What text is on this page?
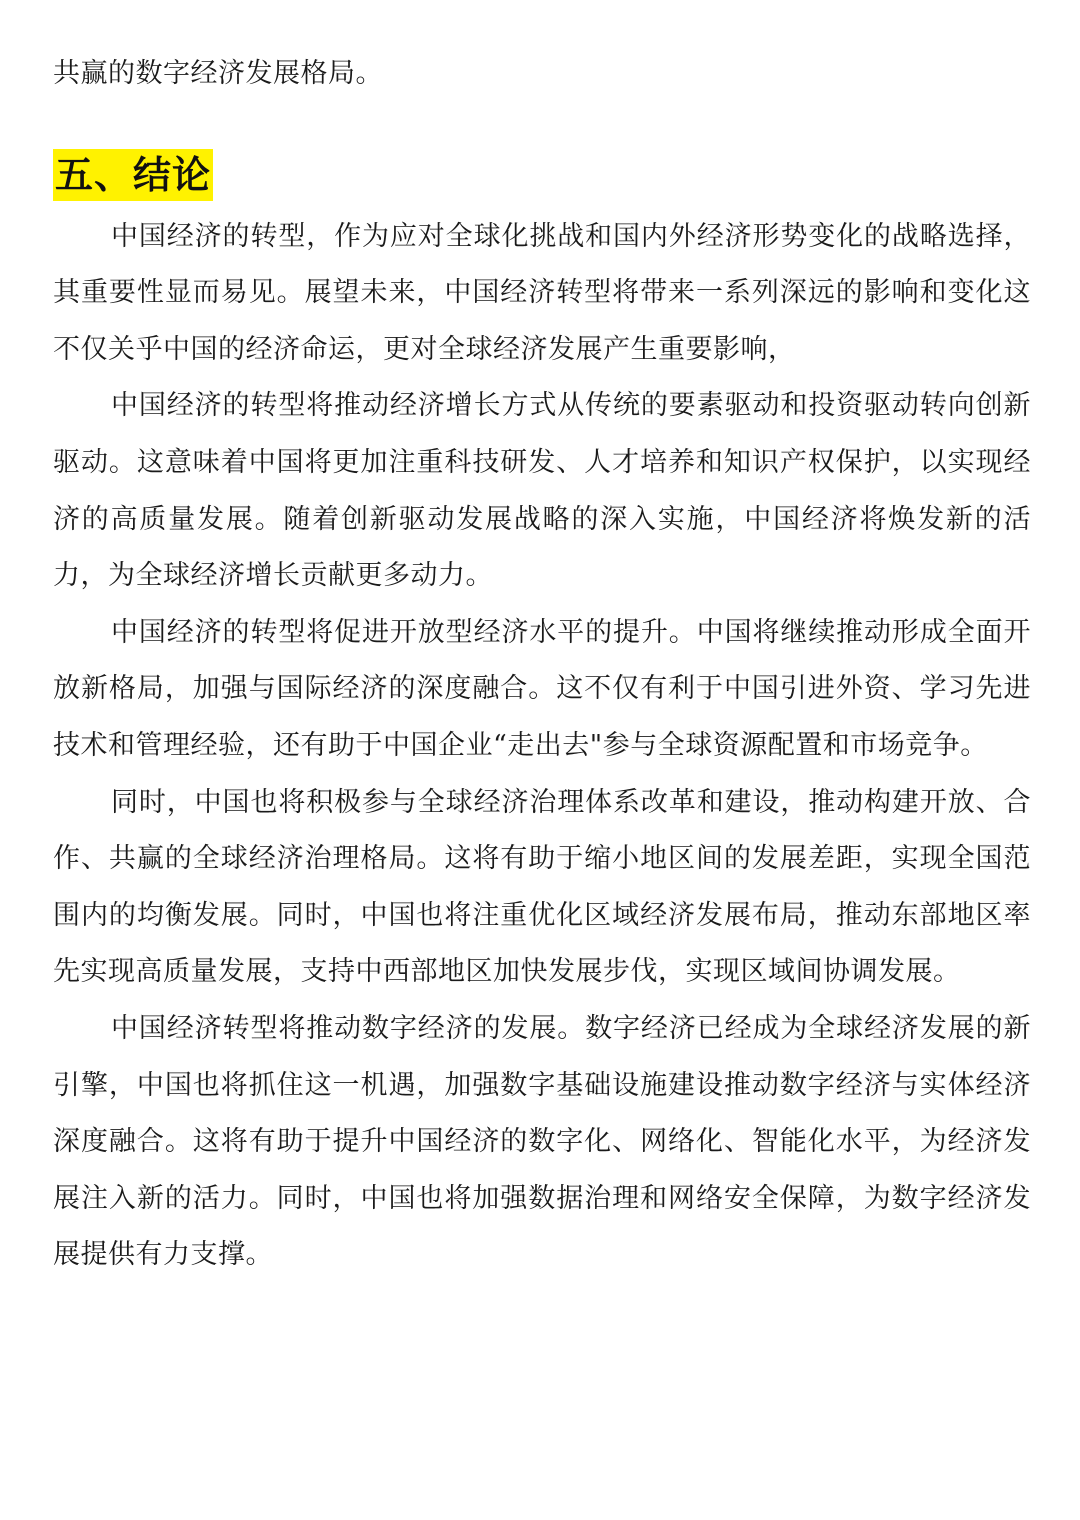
共赢的数字经济发展格局。

五、结论

中国经济的转型，作为应对全球化挑战和国内外经济形势变化的战略选择，其重要性显而易见。展望未来，中国经济转型将带来一系列深远的影响和变化这不仅关乎中国的经济命运，更对全球经济发展产生重要影响，

中国经济的转型将推动经济增长方式从传统的要素驱动和投资驱动转向创新驱动。这意味着中国将更加注重科技研发、人才培养和知识产权保护，以实现经济的高质量发展。随着创新驱动发展战略的深入实施，中国经济将焕发新的活力，为全球经济增长贡献更多动力。

中国经济的转型将促进开放型经济水平的提升。中国将继续推动形成全面开放新格局，加强与国际经济的深度融合。这不仅有利于中国引进外资、学习先进技术和管理经验，还有助于中国企业“走出去"参与全球资源配置和市场竞争。

同时，中国也将积极参与全球经济治理体系改革和建设，推动构建开放、合作、共赢的全球经济治理格局。这将有助于缩小地区间的发展差距，实现全国范围内的均衡发展。同时，中国也将注重优化区域经济发展布局，推动东部地区率先实现高质量发展，支持中西部地区加快发展步伐，实现区域间协调发展。

中国经济转型将推动数字经济的发展。数字经济已经成为全球经济发展的新引擎，中国也将抓住这一机遇，加强数字基础设施建设推动数字经济与实体经济深度融合。这将有助于提升中国经济的数字化、网络化、智能化水平，为经济发展注入新的活力。同时，中国也将加强数据治理和网络安全保障，为数字经济发展提供有力支撑。
